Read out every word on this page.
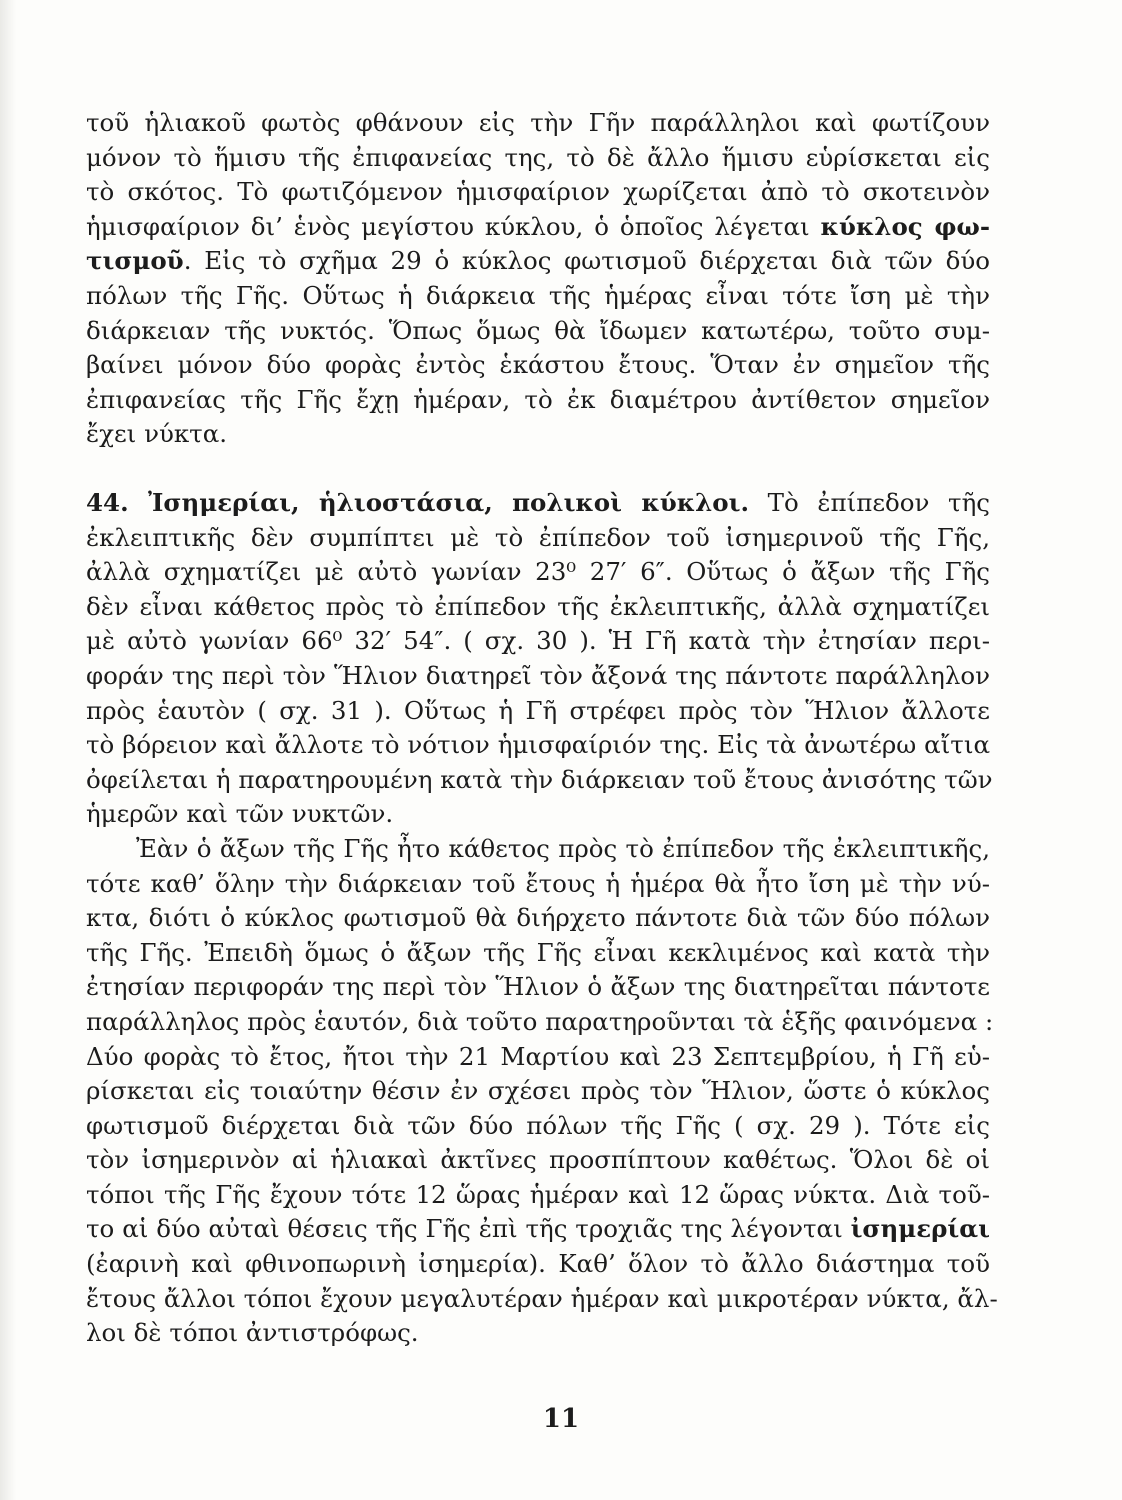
τοῦ ἡλιακοῦ φωτὸς φθάνουν εἰς τὴν Γῆν παράλληλοι καὶ φωτίζουν
μόνον τὸ ἥμισυ τῆς ἐπιφανείας της, τὸ δὲ ἄλλο ἥμισυ εὑρίσκεται εἰς
τὸ σκότος. Τὸ φωτιζόμενον ἡμισφαίριον χωρίζεται ἀπὸ τὸ σκοτεινὸν
ἡμισφαίριον δι’ ἑνὸς μεγίστου κύκλου, ὁ ὁποῖος λέγεται κύκλος φω-
τισμοῦ. Εἰς τὸ σχῆμα 29 ὁ κύκλος φωτισμοῦ διέρχεται διὰ τῶν δύο
πόλων τῆς Γῆς. Οὕτως ἡ διάρκεια τῆς ἡμέρας εἶναι τότε ἴση μὲ τὴν
διάρκειαν τῆς νυκτός. Ὅπως ὅμως θὰ ἴδωμεν κατωτέρω, τοῦτο συμ-
βαίνει μόνον δύο φορὰς ἐντὸς ἑκάστου ἔτους. Ὅταν ἐν σημεῖον τῆς
ἐπιφανείας τῆς Γῆς ἔχῃ ἡμέραν, τὸ ἐκ διαμέτρου ἀντίθετον σημεῖον
ἔχει νύκτα.
44. Ἰσημερίαι, ἡλιοστάσια, πολικοὶ κύκλοι. Τὸ ἐπίπεδον τῆς
ἐκλειπτικῆς δὲν συμπίπτει μὲ τὸ ἐπίπεδον τοῦ ἰσημερινοῦ τῆς Γῆς,
ἀλλὰ σχηματίζει μὲ αὐτὸ γωνίαν 23⁰ 27′ 6″. Οὕτως ὁ ἄξων τῆς Γῆς
δὲν εἶναι κάθετος πρὸς τὸ ἐπίπεδον τῆς ἐκλειπτικῆς, ἀλλὰ σχηματίζει
μὲ αὐτὸ γωνίαν 66⁰ 32′ 54″. ( σχ. 30 ). Ἡ Γῆ κατὰ τὴν ἐτησίαν περι-
φοράν της περὶ τὸν Ἥλιον διατηρεῖ τὸν ἄξονά της πάντοτε παράλληλον
πρὸς ἑαυτὸν ( σχ. 31 ). Οὕτως ἡ Γῆ στρέφει πρὸς τὸν Ἥλιον ἄλλοτε
τὸ βόρειον καὶ ἄλλοτε τὸ νότιον ἡμισφαίριόν της. Εἰς τὰ ἀνωτέρω αἴτια
ὀφείλεται ἡ παρατηρουμένη κατὰ τὴν διάρκειαν τοῦ ἔτους ἀνισότης τῶν
ἡμερῶν καὶ τῶν νυκτῶν.
Ἐὰν ὁ ἄξων τῆς Γῆς ἦτο κάθετος πρὸς τὸ ἐπίπεδον τῆς ἐκλειπτικῆς,
τότε καθ’ ὅλην τὴν διάρκειαν τοῦ ἔτους ἡ ἡμέρα θὰ ἦτο ἴση μὲ τὴν νύ-
κτα, διότι ὁ κύκλος φωτισμοῦ θὰ διήρχετο πάντοτε διὰ τῶν δύο πόλων
τῆς Γῆς. Ἐπειδὴ ὅμως ὁ ἄξων τῆς Γῆς εἶναι κεκλιμένος καὶ κατὰ τὴν
ἐτησίαν περιφοράν της περὶ τὸν Ἥλιον ὁ ἄξων της διατηρεῖται πάντοτε
παράλληλος πρὸς ἑαυτόν, διὰ τοῦτο παρατηροῦνται τὰ ἑξῆς φαινόμενα :
Δύο φορὰς τὸ ἔτος, ἤτοι τὴν 21 Μαρτίου καὶ 23 Σεπτεμβρίου, ἡ Γῆ εὑ-
ρίσκεται εἰς τοιαύτην θέσιν ἐν σχέσει πρὸς τὸν Ἥλιον, ὥστε ὁ κύκλος
φωτισμοῦ διέρχεται διὰ τῶν δύο πόλων τῆς Γῆς ( σχ. 29 ). Τότε εἰς
τὸν ἰσημερινὸν αἱ ἡλιακαὶ ἀκτῖνες προσπίπτουν καθέτως. Ὅλοι δὲ οἱ
τόποι τῆς Γῆς ἔχουν τότε 12 ὥρας ἡμέραν καὶ 12 ὥρας νύκτα. Διὰ τοῦ-
το αἱ δύο αὐταὶ θέσεις τῆς Γῆς ἐπὶ τῆς τροχιᾶς της λέγονται ἰσημερίαι
(ἐαρινὴ καὶ φθινοπωρινὴ ἰσημερία). Καθ’ ὅλον τὸ ἄλλο διάστημα τοῦ
ἔτους ἄλλοι τόποι ἔχουν μεγαλυτέραν ἡμέραν καὶ μικροτέραν νύκτα, ἄλ-
λοι δὲ τόποι ἀντιστρόφως.
11
